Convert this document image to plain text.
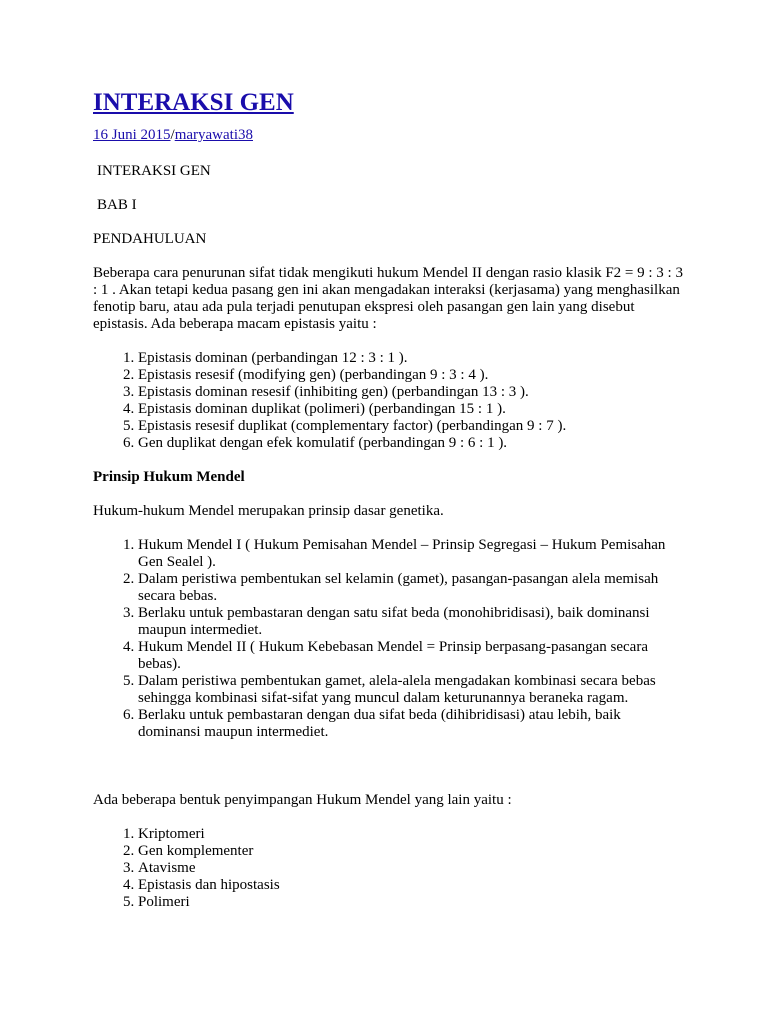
INTERAKSI GEN
16 Juni 2015/maryawati38
INTERAKSI GEN
BAB I
PENDAHULUAN
Beberapa cara penurunan sifat tidak mengikuti hukum Mendel II dengan rasio klasik F2 = 9 : 3 : 3 : 1 . Akan tetapi kedua pasang gen ini akan mengadakan interaksi (kerjasama) yang menghasilkan fenotip baru, atau ada pula terjadi penutupan ekspresi oleh pasangan gen lain yang disebut epistasis. Ada beberapa macam epistasis yaitu :
1. Epistasis dominan (perbandingan 12 : 3 : 1 ).
2. Epistasis resesif (modifying gen) (perbandingan 9 : 3 : 4 ).
3. Epistasis dominan resesif (inhibiting gen) (perbandingan 13 : 3 ).
4. Epistasis dominan duplikat (polimeri) (perbandingan 15 : 1 ).
5. Epistasis resesif duplikat (complementary factor) (perbandingan 9 : 7 ).
6. Gen duplikat dengan efek komulatif (perbandingan 9 : 6 : 1 ).
Prinsip Hukum Mendel
Hukum-hukum Mendel merupakan prinsip dasar genetika.
1. Hukum Mendel I ( Hukum Pemisahan Mendel – Prinsip Segregasi – Hukum Pemisahan Gen Sealel ).
2. Dalam peristiwa pembentukan sel kelamin (gamet), pasangan-pasangan alela memisah secara bebas.
3. Berlaku untuk pembastaran dengan satu sifat beda (monohibridisasi), baik dominansi maupun intermediet.
4. Hukum Mendel II ( Hukum Kebebasan Mendel = Prinsip berpasang-pasangan secara bebas).
5. Dalam peristiwa pembentukan gamet, alela-alela mengadakan kombinasi secara bebas sehingga kombinasi sifat-sifat yang muncul dalam keturunannya beraneka ragam.
6. Berlaku untuk pembastaran dengan dua sifat beda (dihibridisasi) atau lebih, baik dominansi maupun intermediet.
Ada beberapa bentuk penyimpangan Hukum Mendel yang lain yaitu :
1. Kriptomeri
2. Gen komplementer
3. Atavisme
4. Epistasis dan hipostasis
5. Polimeri
